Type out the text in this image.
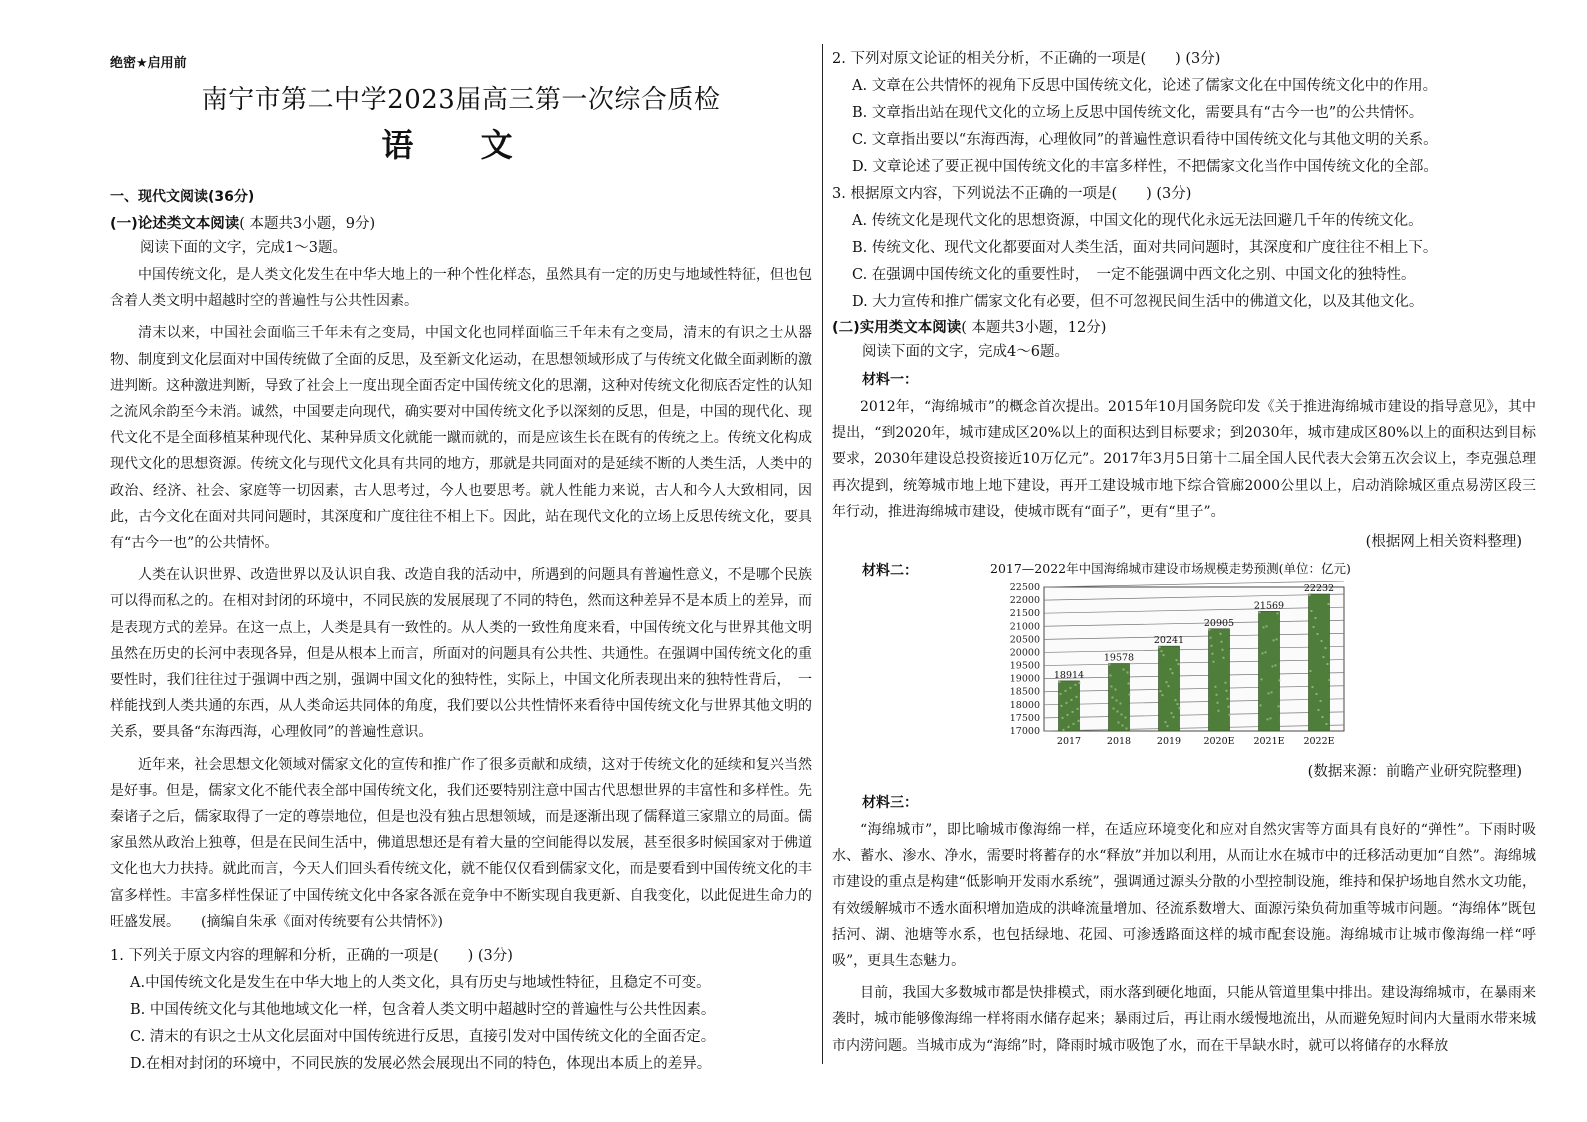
绝密★启用前
南宁市第二中学2023届高三第一次综合质检
语 文
一、现代文阅读(36分)
(一)论述类文本阅读( 本题共3小题，9分)
阅读下面的文字，完成1～3题。

中国传统文化，是人类文化发生在中华大地上的一种个性化样态，虽然具有一定的历史与地域性特征，但也包含着人类文明中超越时空的普遍性与公共性因素。

清末以来，中国社会面临三千年未有之变局，中国文化也同样面临三千年未有之变局，清末的有识之士从器物、制度到文化层面对中国传统做了全面的反思，及至新文化运动，在思想领域形成了与传统文化做全面剥断的激进判断。这种激进判断，导致了社会上一度出现全面否定中国传统文化的思潮，这种对传统文化彻底否定性的认知之流风余韵至今未消。诚然，中国要走向现代，确实要对中国传统文化予以深刻的反思，但是，中国的现代化、现代文化不是全面移植某种现代化、某种异质文化就能一蹴而就的，而是应该生长在既有的传统之上。传统文化构成现代文化的思想资源。传统文化与现代文化具有共同的地方，那就是共同面对的是延续不断的人类生活，人类中的政治、经济、社会、家庭等一切因素，古人思考过，今人也要思考。就人性能力来说，古人和今人大致相同，因此，古今文化在面对共同问题时，其深度和广度往往不相上下。因此，站在现代文化的立场上反思传统文化，要具有“古今一也”的公共情怀。

人类在认识世界、改造世界以及认识自我、改造自我的活动中，所遇到的问题具有普遍性意义，不是哪个民族可以得而私之的。在相对封闭的环境中，不同民族的发展展现了不同的特色，然而这种差异不是本质上的差异，而是表现方式的差异。在这一点上，人类是具有一致性的。从人类的一致性角度来看，中国传统文化与世界其他文明虽然在历史的长河中表现各异，但是从根本上而言，所面对的问题具有公共性、共通性。在强调中国传统文化的重要性时，我们往往过于强调中西之别，强调中国文化的独特性，实际上，中国文化所表现出来的独特性背后，　一样能找到人类共通的东西，从人类命运共同体的角度，我们要以公共性情怀来看待中国传统文化与世界其他文明的关系，要具备“东海西海，心理攸同”的普遍性意识。

近年来，社会思想文化领域对儒家文化的宣传和推广作了很多贡献和成绩，这对于传统文化的延续和复兴当然是好事。但是，儒家文化不能代表全部中国传统文化，我们还要特别注意中国古代思想世界的丰富性和多样性。先秦诸子之后，儒家取得了一定的尊崇地位，但是也没有独占思想领域，而是逐渐出现了儒释道三家鼎立的局面。儒家虽然从政治上独尊，但是在民间生活中，佛道思想还是有着大量的空间能得以发展，甚至很多时候国家对于佛道文化也大力扶持。就此而言，今天人们回头看传统文化，就不能仅仅看到儒家文化，而是要看到中国传统文化的丰富多样性。丰富多样性保证了中国传统文化中各家各派在竞争中不断实现自我更新、自我变化，以此促进生命力的旺盛发展。　　(摘编自朱承《面对传统要有公共情怀》)

1. 下列关于原文内容的理解和分析，正确的一项是(　　) (3分)
A.中国传统文化是发生在中华大地上的人类文化，具有历史与地域性特征，且稳定不可变。
B. 中国传统文化与其他地域文化一样，包含着人类文明中超越时空的普遍性与公共性因素。
C. 清末的有识之士从文化层面对中国传统进行反思，直接引发对中国传统文化的全面否定。
D.在相对封闭的环境中，不同民族的发展必然会展现出不同的特色，体现出本质上的差异。
2. 下列对原文论证的相关分析，不正确的一项是(　　) (3分)
A. 文章在公共情怀的视角下反思中国传统文化，论述了儒家文化在中国传统文化中的作用。
B. 文章指出站在现代文化的立场上反思中国传统文化，需要具有“古今一也”的公共情怀。
C. 文章指出要以“东海西海，心理攸同”的普遍性意识看待中国传统文化与其他文明的关系。
D. 文章论述了要正视中国传统文化的丰富多样性，不把儒家文化当作中国传统文化的全部。
3. 根据原文内容，下列说法不正确的一项是(　　) (3分)
A. 传统文化是现代文化的思想资源，中国文化的现代化永远无法回避几千年的传统文化。
B. 传统文化、现代文化都要面对人类生活，面对共同问题时，其深度和广度往往不相上下。
C. 在强调中国传统文化的重要性时，　一定不能强调中西文化之别、中国文化的独特性。
D. 大力宣传和推广儒家文化有必要，但不可忽视民间生活中的佛道文化，以及其他文化。
(二)实用类文本阅读( 本题共3小题，12分)
阅读下面的文字，完成4～6题。
材料一：

2012年，“海绵城市”的概念首次提出。2015年10月国务院印发《关于推进海绵城市建设的指导意见》，其中提出，“到2020年，城市建成区20%以上的面积达到目标要求；到2030年，城市建成区80%以上的面积达到目标要求，2030年建设总投资接近10万亿元”。2017年3月5日第十二届全国人民代表大会第五次会议上，李克强总理再次提到，统筹城市地上地下建设，再开工建设城市地下综合管廊2000公里以上，启动消除城区重点易涝区段三年行动，推进海绵城市建设，使城市既有“面子”，更有“里子”。

(根据网上相关资料整理)
材料二：	2017—2022年中国海绵城市建设市场规模走势预测(单位：亿元)
22500
22000
21500
21000
20500
20000
19500
19000
18500
18000
17500
17000
18914
2017
19578
2018
20241
2019
20905
2020E
21569
2021E
22232
2022E
(数据来源：前瞻产业研究院整理)
材料三：

“海绵城市”，即比喻城市像海绵一样，在适应环境变化和应对自然灾害等方面具有良好的“弹性”。下雨时吸水、蓄水、渗水、净水，需要时将蓄存的水“释放”并加以利用，从而让水在城市中的迁移活动更加“自然”。海绵城市建设的重点是构建“低影响开发雨水系统”，强调通过源头分散的小型控制设施，维持和保护场地自然水文功能，有效缓解城市不透水面积增加造成的洪峰流量增加、径流系数增大、面源污染负荷加重等城市问题。“海绵体”既包括河、湖、池塘等水系，也包括绿地、花园、可渗透路面这样的城市配套设施。海绵城市让城市像海绵一样“呼吸”，更具生态魅力。

目前，我国大多数城市都是快排模式，雨水落到硬化地面，只能从管道里集中排出。建设海绵城市，在暴雨来袭时，城市能够像海绵一样将雨水储存起来；暴雨过后，再让雨水缓慢地流出，从而避免短时间内大量雨水带来城市内涝问题。当城市成为“海绵”时，降雨时城市吸饱了水，而在干旱缺水时，就可以将储存的水释放
